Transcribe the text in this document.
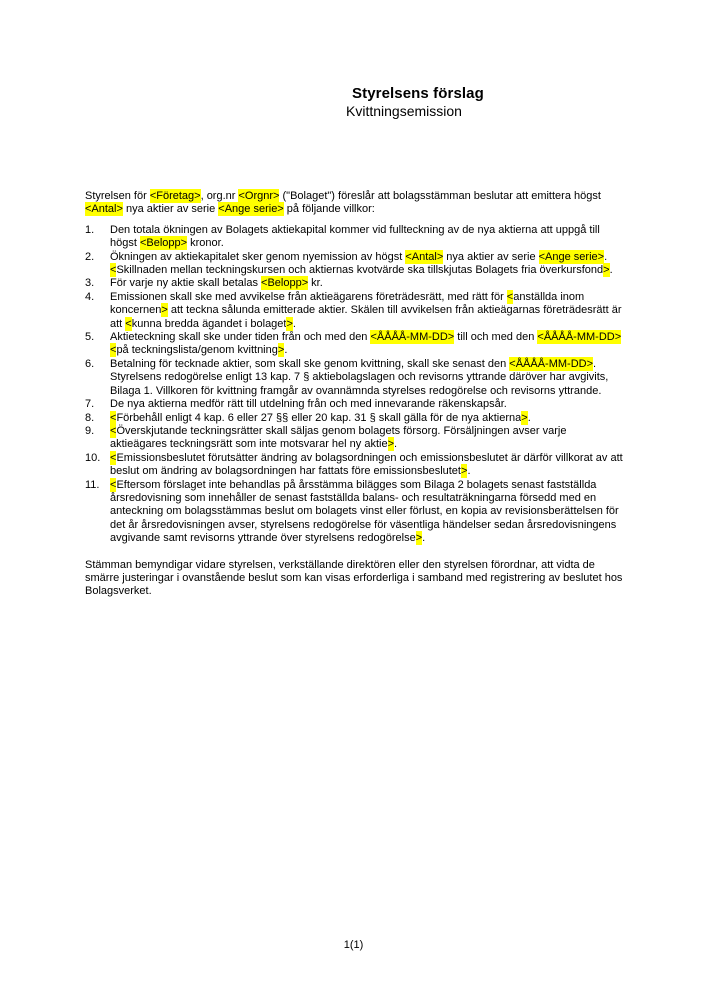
Styrelsens förslag
Kvittningsemission
Styrelsen för <Företag>, org.nr <Orgnr> ("Bolaget") föreslår att bolagsstämman beslutar att emittera högst <Antal> nya aktier av serie <Ange serie> på följande villkor:
1.	Den totala ökningen av Bolagets aktiekapital kommer vid fullteckning av de nya aktierna att uppgå till högst <Belopp> kronor.
2.	Ökningen av aktiekapitalet sker genom nyemission av högst <Antal> nya aktier av serie <Ange serie>. <Skillnaden mellan teckningskursen och aktiernas kvotvärde ska tillskjutas Bolagets fria överkursfond>.
3.	För varje ny aktie skall betalas <Belopp> kr.
4.	Emissionen skall ske med avvikelse från aktieägarens företrädesrätt, med rätt för <anställda inom koncernen> att teckna sålunda emitterade aktier. Skälen till avvikelsen från aktieägarnas företrädesrätt är att <kunna bredda ägandet i bolaget>.
5.	Aktieteckning skall ske under tiden från och med den <ÅÅÅÅ-MM-DD> till och med den <ÅÅÅÅ-MM-DD> <på teckningslista/genom kvittning>.
6.	Betalning för tecknade aktier, som skall ske genom kvittning, skall ske senast den <ÅÅÅÅ-MM-DD>. Styrelsens redogörelse enligt 13 kap. 7 § aktiebolagslagen och revisorns yttrande däröver har avgivits, Bilaga 1. Villkoren för kvittning framgår av ovannämnda styrelses redogörelse och revisorns yttrande.
7.	De nya aktierna medför rätt till utdelning från och med innevarande räkenskapsår.
8.	<Förbehåll enligt 4 kap. 6 eller 27 §§ eller 20 kap. 31 § skall gälla för de nya aktierna>.
9.	<Överskjutande teckningsrätter skall säljas genom bolagets försorg. Försäljningen avser varje aktieägares teckningsrätt som inte motsvarar hel ny aktie>.
10. <Emissionsbeslutet förutsätter ändring av bolagsordningen och emissionsbeslutet är därför villkorat av att beslut om ändring av bolagsordningen har fattats före emissionsbeslutet>.
11. <Eftersom förslaget inte behandlas på årsstämma bilägges som Bilaga 2 bolagets senast fastställda årsredovisning som innehåller de senast fastställda balans- och resultaträkningarna försedd med en anteckning om bolagsstämmas beslut om bolagets vinst eller förlust, en kopia av revisionsberättelsen för det år årsredovisningen avser, styrelsens redogörelse för väsentliga händelser sedan årsredovisningens avgivande samt revisorns yttrande över styrelsens redogörelse>.
Stämman bemyndigar vidare styrelsen, verkställande direktören eller den styrelsen förordnar, att vidta de smärre justeringar i ovanstående beslut som kan visas erforderliga i samband med registrering av beslutet hos Bolagsverket.
1(1)
